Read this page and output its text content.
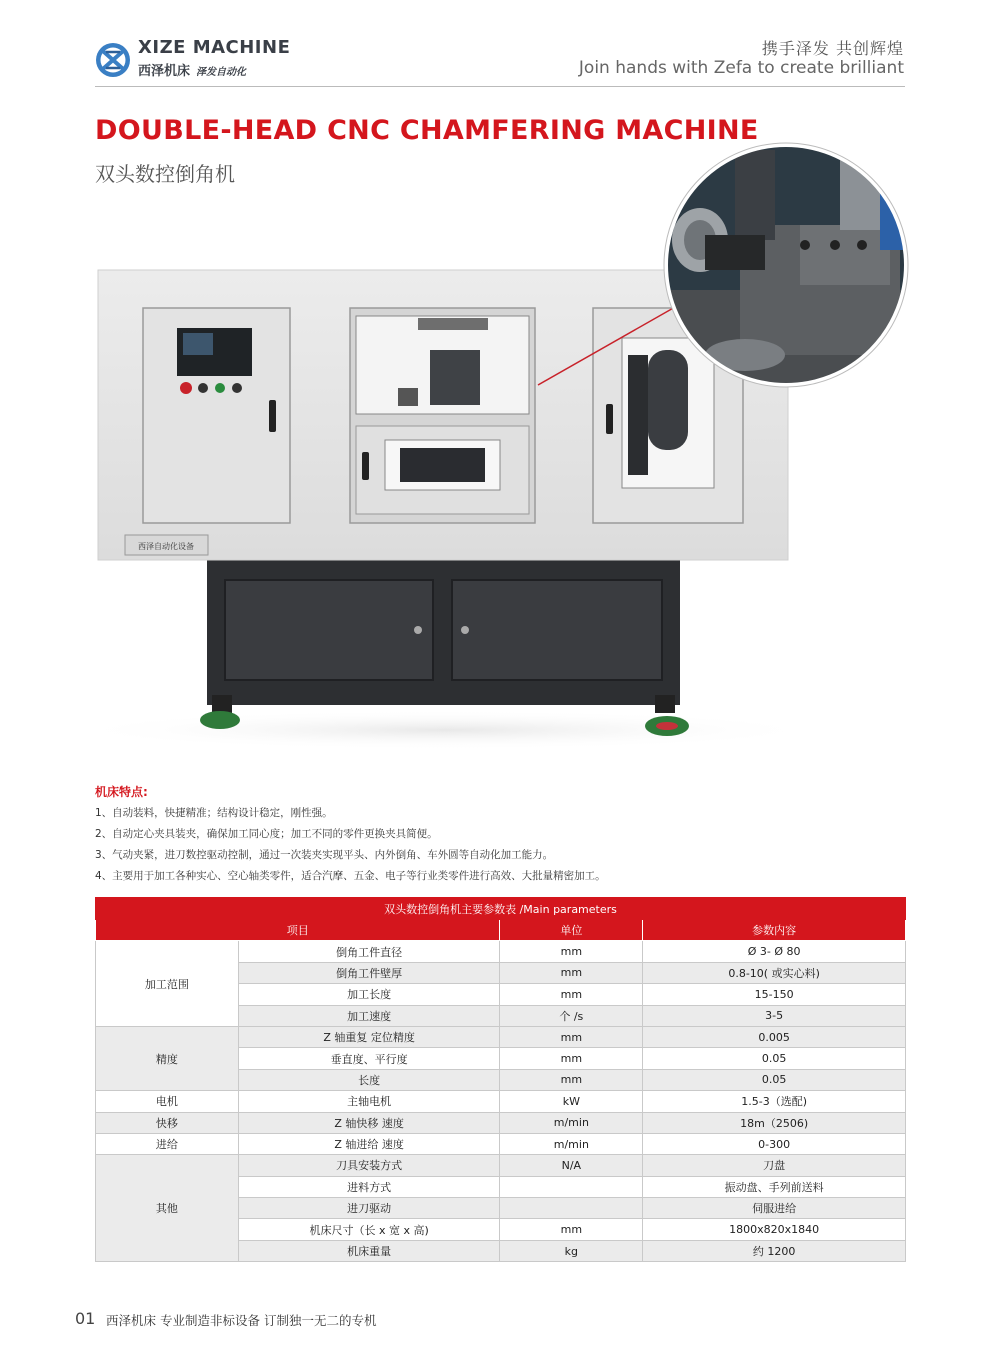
XIZE MACHINE
西泽机床 泽发自动化
携手泽发 共创辉煌
Join hands with Zefa to create brilliant
DOUBLE-HEAD CNC CHAMFERING MACHINE
双头数控倒角机
西泽自动化设备
机床特点:
1、自动装料，快捷精准；结构设计稳定，刚性强。
2、自动定心夹具装夹，确保加工同心度；加工不同的零件更换夹具简便。
3、气动夹紧，进刀数控驱动控制，通过一次装夹实现平头、内外倒角、车外圆等自动化加工能力。
4、主要用于加工各种实心、空心轴类零件，适合汽摩、五金、电子等行业类零件进行高效、大批量精密加工。
双头数控倒角机主要参数表 /Main parameters			
项目		单位	参数内容
加工范围	倒角工件直径	mm	Ø 3- Ø 80
	倒角工件壁厚	mm	0.8-10( 或实心料)
	加工长度	mm	15-150
	加工速度	个 /s	3-5
精度	Z 轴重复 定位精度	mm	0.005
	垂直度、平行度	mm	0.05
	长度	mm	0.05
电机	主轴电机	kW	1.5-3（选配)
快移	Z 轴快移 速度	m/min	18m（2506)
进给	Z 轴进给 速度	m/min	0-300
其他	刀具安装方式	N/A	刀盘
	进料方式		振动盘、手列前送料
	进刀驱动		伺服进给
	机床尺寸（长 x 宽 x 高)	mm	1800x820x1840
	机床重量	kg	约 1200
01 西泽机床 专业制造非标设备 订制独一无二的专机
